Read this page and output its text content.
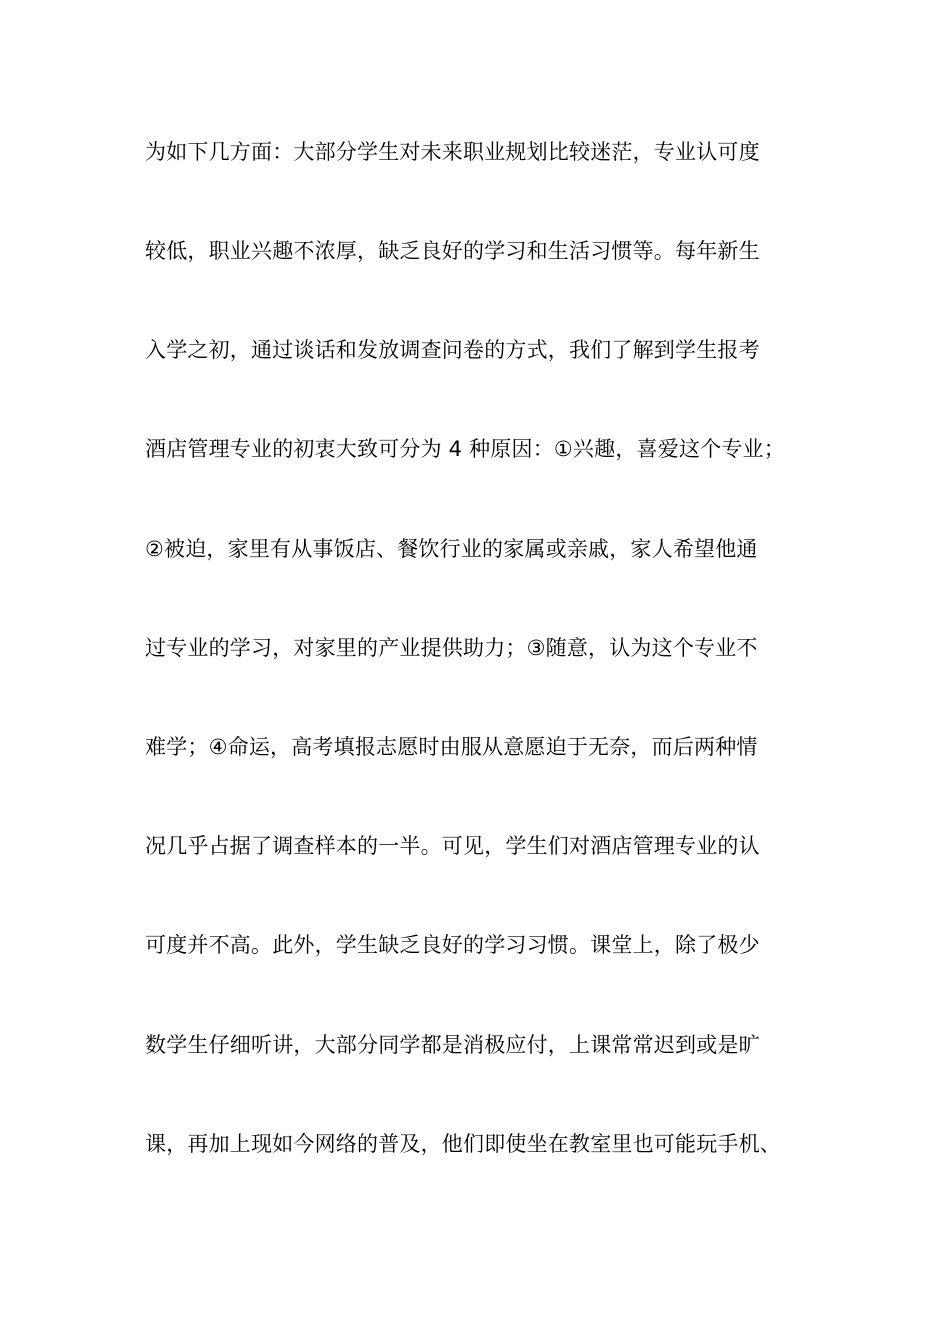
为如下几方面：大部分学生对未来职业规划比较迷茫，专业认可度
较低，职业兴趣不浓厚，缺乏良好的学习和生活习惯等。每年新生
入学之初，通过谈话和发放调查问卷的方式，我们了解到学生报考
酒店管理专业的初衷大致可分为 4 种原因：①兴趣，喜爱这个专业；
②被迫，家里有从事饭店、餐饮行业的家属或亲戚，家人希望他通
过专业的学习，对家里的产业提供助力；③随意，认为这个专业不
难学；④命运，高考填报志愿时由服从意愿迫于无奈，而后两种情
况几乎占据了调查样本的一半。可见，学生们对酒店管理专业的认
可度并不高。此外，学生缺乏良好的学习习惯。课堂上，除了极少
数学生仔细听讲，大部分同学都是消极应付，上课常常迟到或是旷
课，再加上现如今网络的普及，他们即使坐在教室里也可能玩手机、
